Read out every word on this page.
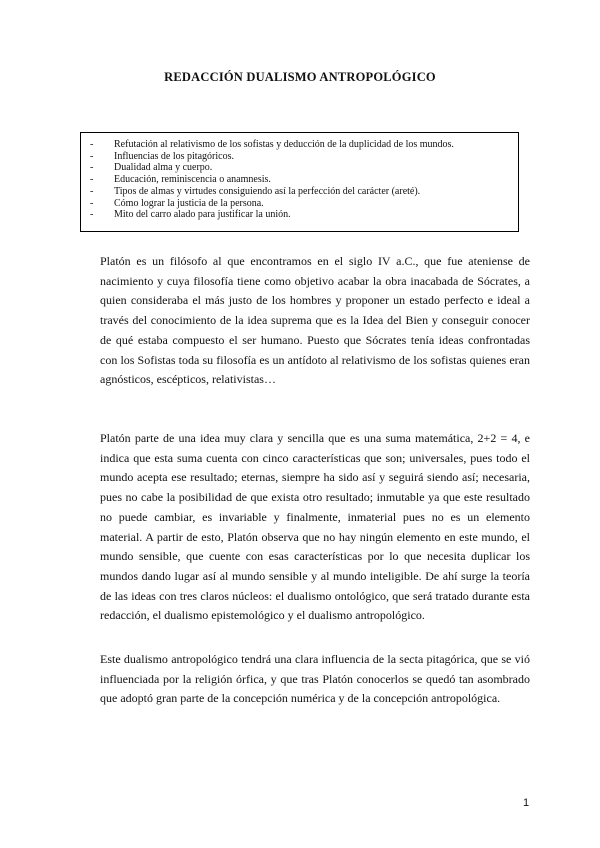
REDACCIÓN DUALISMO ANTROPOLÓGICO
-	Refutación al relativismo de los sofistas y deducción de la duplicidad de los mundos.
-	Influencias de los pitagóricos.
-	Dualidad alma y cuerpo.
-	Educación, reminiscencia o anamnesis.
-	Tipos de almas y virtudes consiguiendo así la perfección del carácter (areté).
-	Cómo lograr la justicia de la persona.
-	Mito del carro alado para justificar la unión.

Platón es un filósofo al que encontramos en el siglo IV a.C., que fue ateniense de nacimiento y cuya filosofía tiene como objetivo acabar la obra inacabada de Sócrates, a quien consideraba el más justo de los hombres y proponer un estado perfecto e ideal a través del conocimiento de la idea suprema que es la Idea del Bien y conseguir conocer de qué estaba compuesto el ser humano. Puesto que Sócrates tenía ideas confrontadas con los Sofistas toda su filosofía es un antídoto al relativismo de los sofistas quienes eran agnósticos, escépticos, relativistas…

Platón parte de una idea muy clara y sencilla que es una suma matemática, 2+2 = 4, e indica que esta suma cuenta con cinco características que son; universales, pues todo el mundo acepta ese resultado; eternas, siempre ha sido así y seguirá siendo así; necesaria, pues no cabe la posibilidad de que exista otro resultado; inmutable ya que este resultado no puede cambiar, es invariable y finalmente, inmaterial pues no es un elemento material. A partir de esto, Platón observa que no hay ningún elemento en este mundo, el mundo sensible, que cuente con esas características por lo que necesita duplicar los mundos dando lugar así al mundo sensible y al mundo inteligible. De ahí surge la teoría de las ideas con tres claros núcleos: el dualismo ontológico, que será tratado durante esta redacción, el dualismo epistemológico y el dualismo antropológico.

Este dualismo antropológico tendrá una clara influencia de la secta pitagórica, que se vió influenciada por la religión órfica, y que tras Platón conocerlos se quedó tan asombrado que adoptó gran parte de la concepción numérica y de la concepción antropológica.

1
